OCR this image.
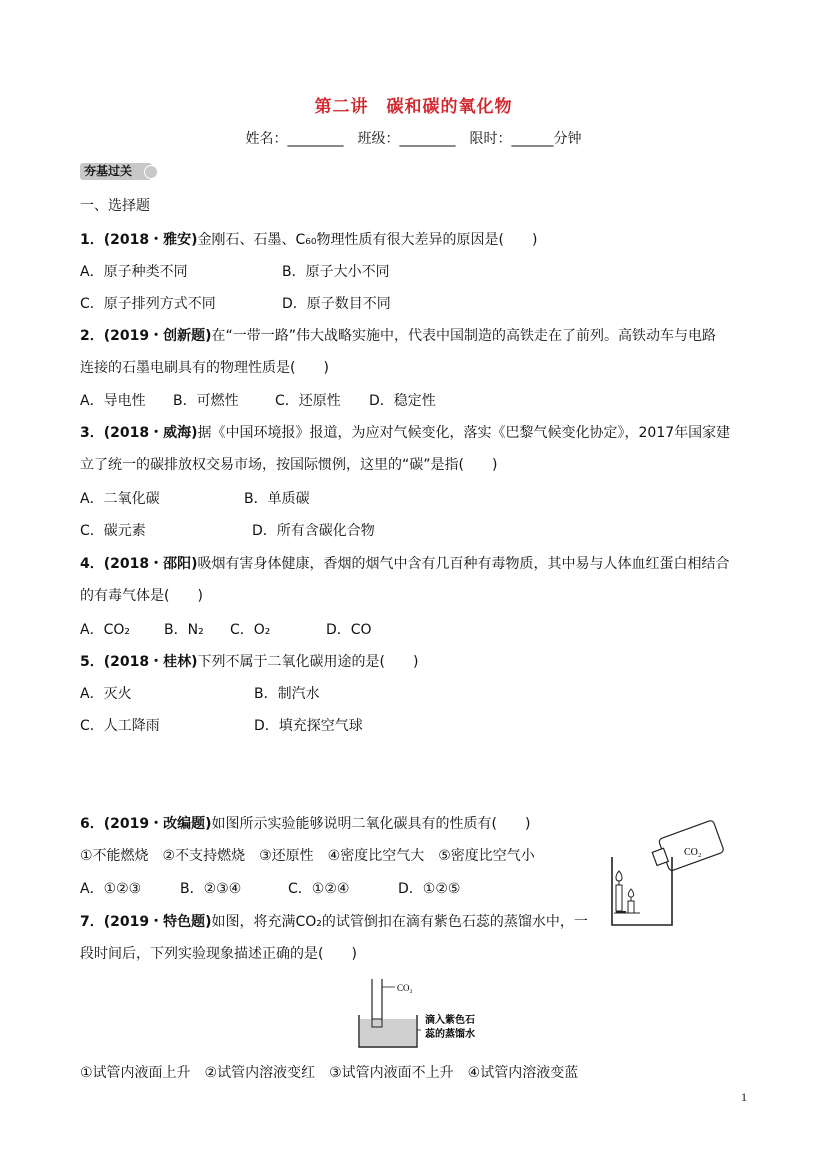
第二讲　碳和碳的氧化物
姓名：________　班级：________　限时：______分钟
夯基过关
一、选择题
1．(2018・雅安)金刚石、石墨、C₆₀物理性质有很大差异的原因是(　　)
A．原子种类不同	B．原子大小不同
C．原子排列方式不同	D．原子数目不同
2．(2019・创新题)在“一带一路”伟大战略实施中，代表中国制造的高铁走在了前列。高铁动车与电路
连接的石墨电刷具有的物理性质是(　　)
A．导电性 B．可燃性	C．还原性 D．稳定性
3．(2018・威海)据《中国环境报》报道，为应对气候变化，落实《巴黎气候变化协定》，2017年国家建
立了统一的碳排放权交易市场，按国际惯例，这里的“碳”是指(　　)
A．二氧化碳	B．单质碳
C．碳元素	D．所有含碳化合物
4．(2018・邵阳)吸烟有害身体健康，香烟的烟气中含有几百种有毒物质，其中易与人体血红蛋白相结合
的有毒气体是(　　)
A．CO₂ B．N₂ C．O₂	D．CO
5．(2018・桂林)下列不属于二氧化碳用途的是(　　)
A．灭火	B．制汽水
C．人工降雨	D．填充探空气球
6．(2019・改编题)如图所示实验能够说明二氧化碳具有的性质有(　　)
①不能燃烧　②不支持燃烧　③还原性　④密度比空气大　⑤密度比空气小
A．①②③	B．②③④	C．①②④	D．①②⑤
CO₂
7．(2019・特色题)如图，将充满CO₂的试管倒扣在滴有紫色石蕊的蒸馏水中，一
段时间后，下列实验现象描述正确的是(　　)
CO₂
滴入紫色石
蕊的蒸馏水
①试管内液面上升　②试管内溶液变红　③试管内液面不上升　④试管内溶液变蓝
1
